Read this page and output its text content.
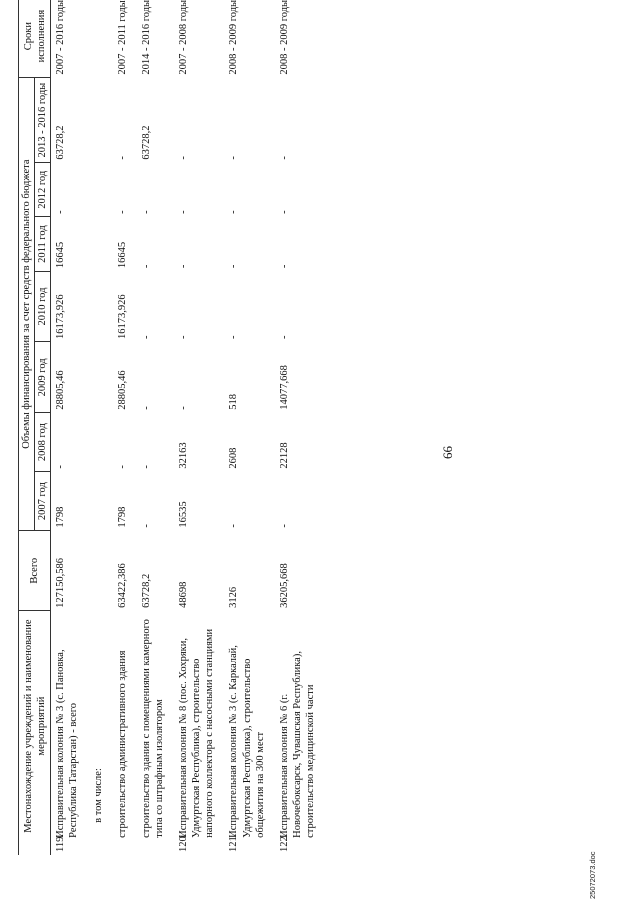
66
25072073.doc
	Местонахождение учреждений и наименование мероприятий	Всего	Объемы финансирования за счет средств федерального бюджета							Сроки исполнения
			2007 год	2008 год	2009 год	2010 год	2011 год	2012 год	2013 - 2016 годы	
119.	Исправительная колония № 3 (с. Пановка, Республика Татарстан) - всего	127150,586	1798	-	28805,46	16173,926	16645	-	63728,2	2007 - 2016 годы
	в том числе:									
	строительство административного здания	63422,386	1798	-	28805,46	16173,926	16645	-	-	2007 - 2011 годы
	строительство здания с помещениями камерного типа со штрафным изолятором	63728,2	-	-	-	-	-	-	63728,2	2014 - 2016 годы
120.	Исправительная колония № 8 (пос. Хохряки, Удмуртская Республика), строительство напорного коллектора с насосными станциями	48698	16535	32163	-	-	-	-	-	2007 - 2008 годы
121.	Исправительная колония № 3 (с. Каркалай, Удмуртская Республика), строительство общежития на 300 мест	3126	-	2608	518	-	-	-	-	2008 - 2009 годы
122.	Исправительная колония № 6 (г. Новочебоксарск, Чувашская Республика), строительство медицинской части	36205,668	-	22128	14077,668	-	-	-	-	2008 - 2009 годы
